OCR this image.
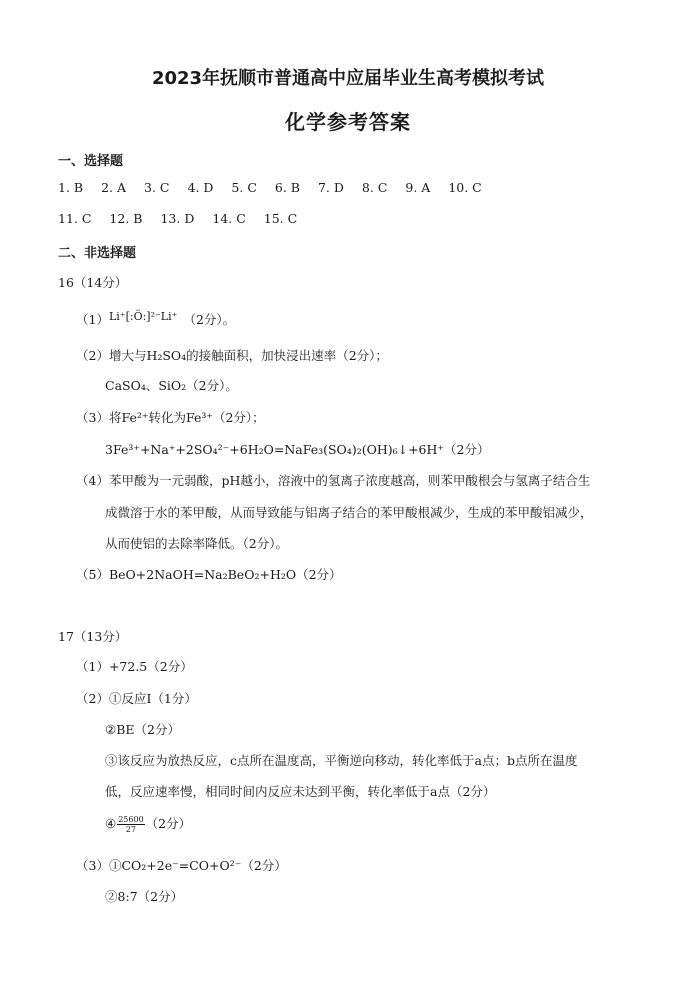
2023年抚顺市普通高中应届毕业生高考模拟考试
化学参考答案
一、选择题
1. B 2. A 3. C 4. D 5. C 6. B 7. D 8. C 9. A 10. C
11. C 12. B 13. D 14. C 15. C
二、非选择题
16（14分）
（1）Li⁺[:Ö:]²⁻Li⁺ （2分）。
（2）增大与H₂SO₄的接触面积，加快浸出速率（2分）；
CaSO₄、SiO₂（2分）。
（3）将Fe²⁺转化为Fe³⁺（2分）；
3Fe³⁺+Na⁺+2SO₄²⁻+6H₂O=NaFe₃(SO₄)₂(OH)₆↓+6H⁺（2分）
（4）苯甲酸为一元弱酸，pH越小，溶液中的氢离子浓度越高，则苯甲酸根会与氢离子结合生
成微溶于水的苯甲酸，从而导致能与铝离子结合的苯甲酸根减少，生成的苯甲酸铝减少，
从而使铝的去除率降低。（2分）。
（5）BeO+2NaOH=Na₂BeO₂+H₂O（2分）
17（13分）
（1）+72.5（2分）
（2）①反应Ⅰ（1分）
②BE（2分）
③该反应为放热反应，c点所在温度高，平衡逆向移动，转化率低于a点；b点所在温度
低，反应速率慢，相同时间内反应未达到平衡，转化率低于a点（2分）
④ $\frac{25600}{27} (2$分）
（3）①CO₂+2e⁻=CO+O²⁻（2分）
②8:7（2分）
